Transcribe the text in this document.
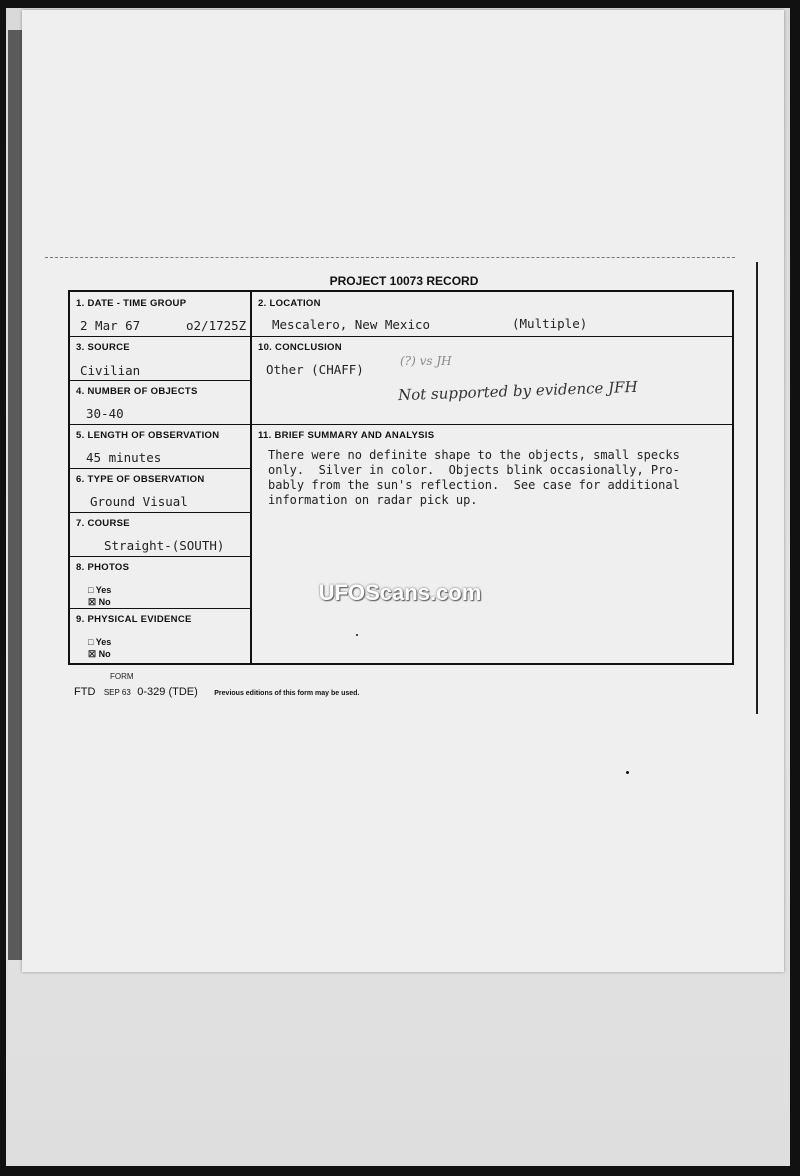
PROJECT 10073 RECORD
1. DATE - TIME GROUP
2 Mar 67	o2/1725Z
2. LOCATION
Mescalero, New Mexico	(Multiple)
3. SOURCE
Civilian
10. CONCLUSION
Other (CHAFF)
(?) vs JH
Not supported by evidence JFH
4. NUMBER OF OBJECTS
30-40
5. LENGTH OF OBSERVATION
45 minutes
11. BRIEF SUMMARY AND ANALYSIS
There were no definite shape to the objects, small specks
only.  Silver in color.  Objects blink occasionally, Pro-
bably from the sun's reflection.  See case for additional
information on radar pick up.
6. TYPE OF OBSERVATION
Ground Visual
7. COURSE
Straight-(SOUTH)
8. PHOTOS
□ Yes
☒ No
9. PHYSICAL EVIDENCE
□ Yes
☒ No
FORM
FTD SEP 63 0-329 (TDE) Previous editions of this form may be used.
UFOScans.com
